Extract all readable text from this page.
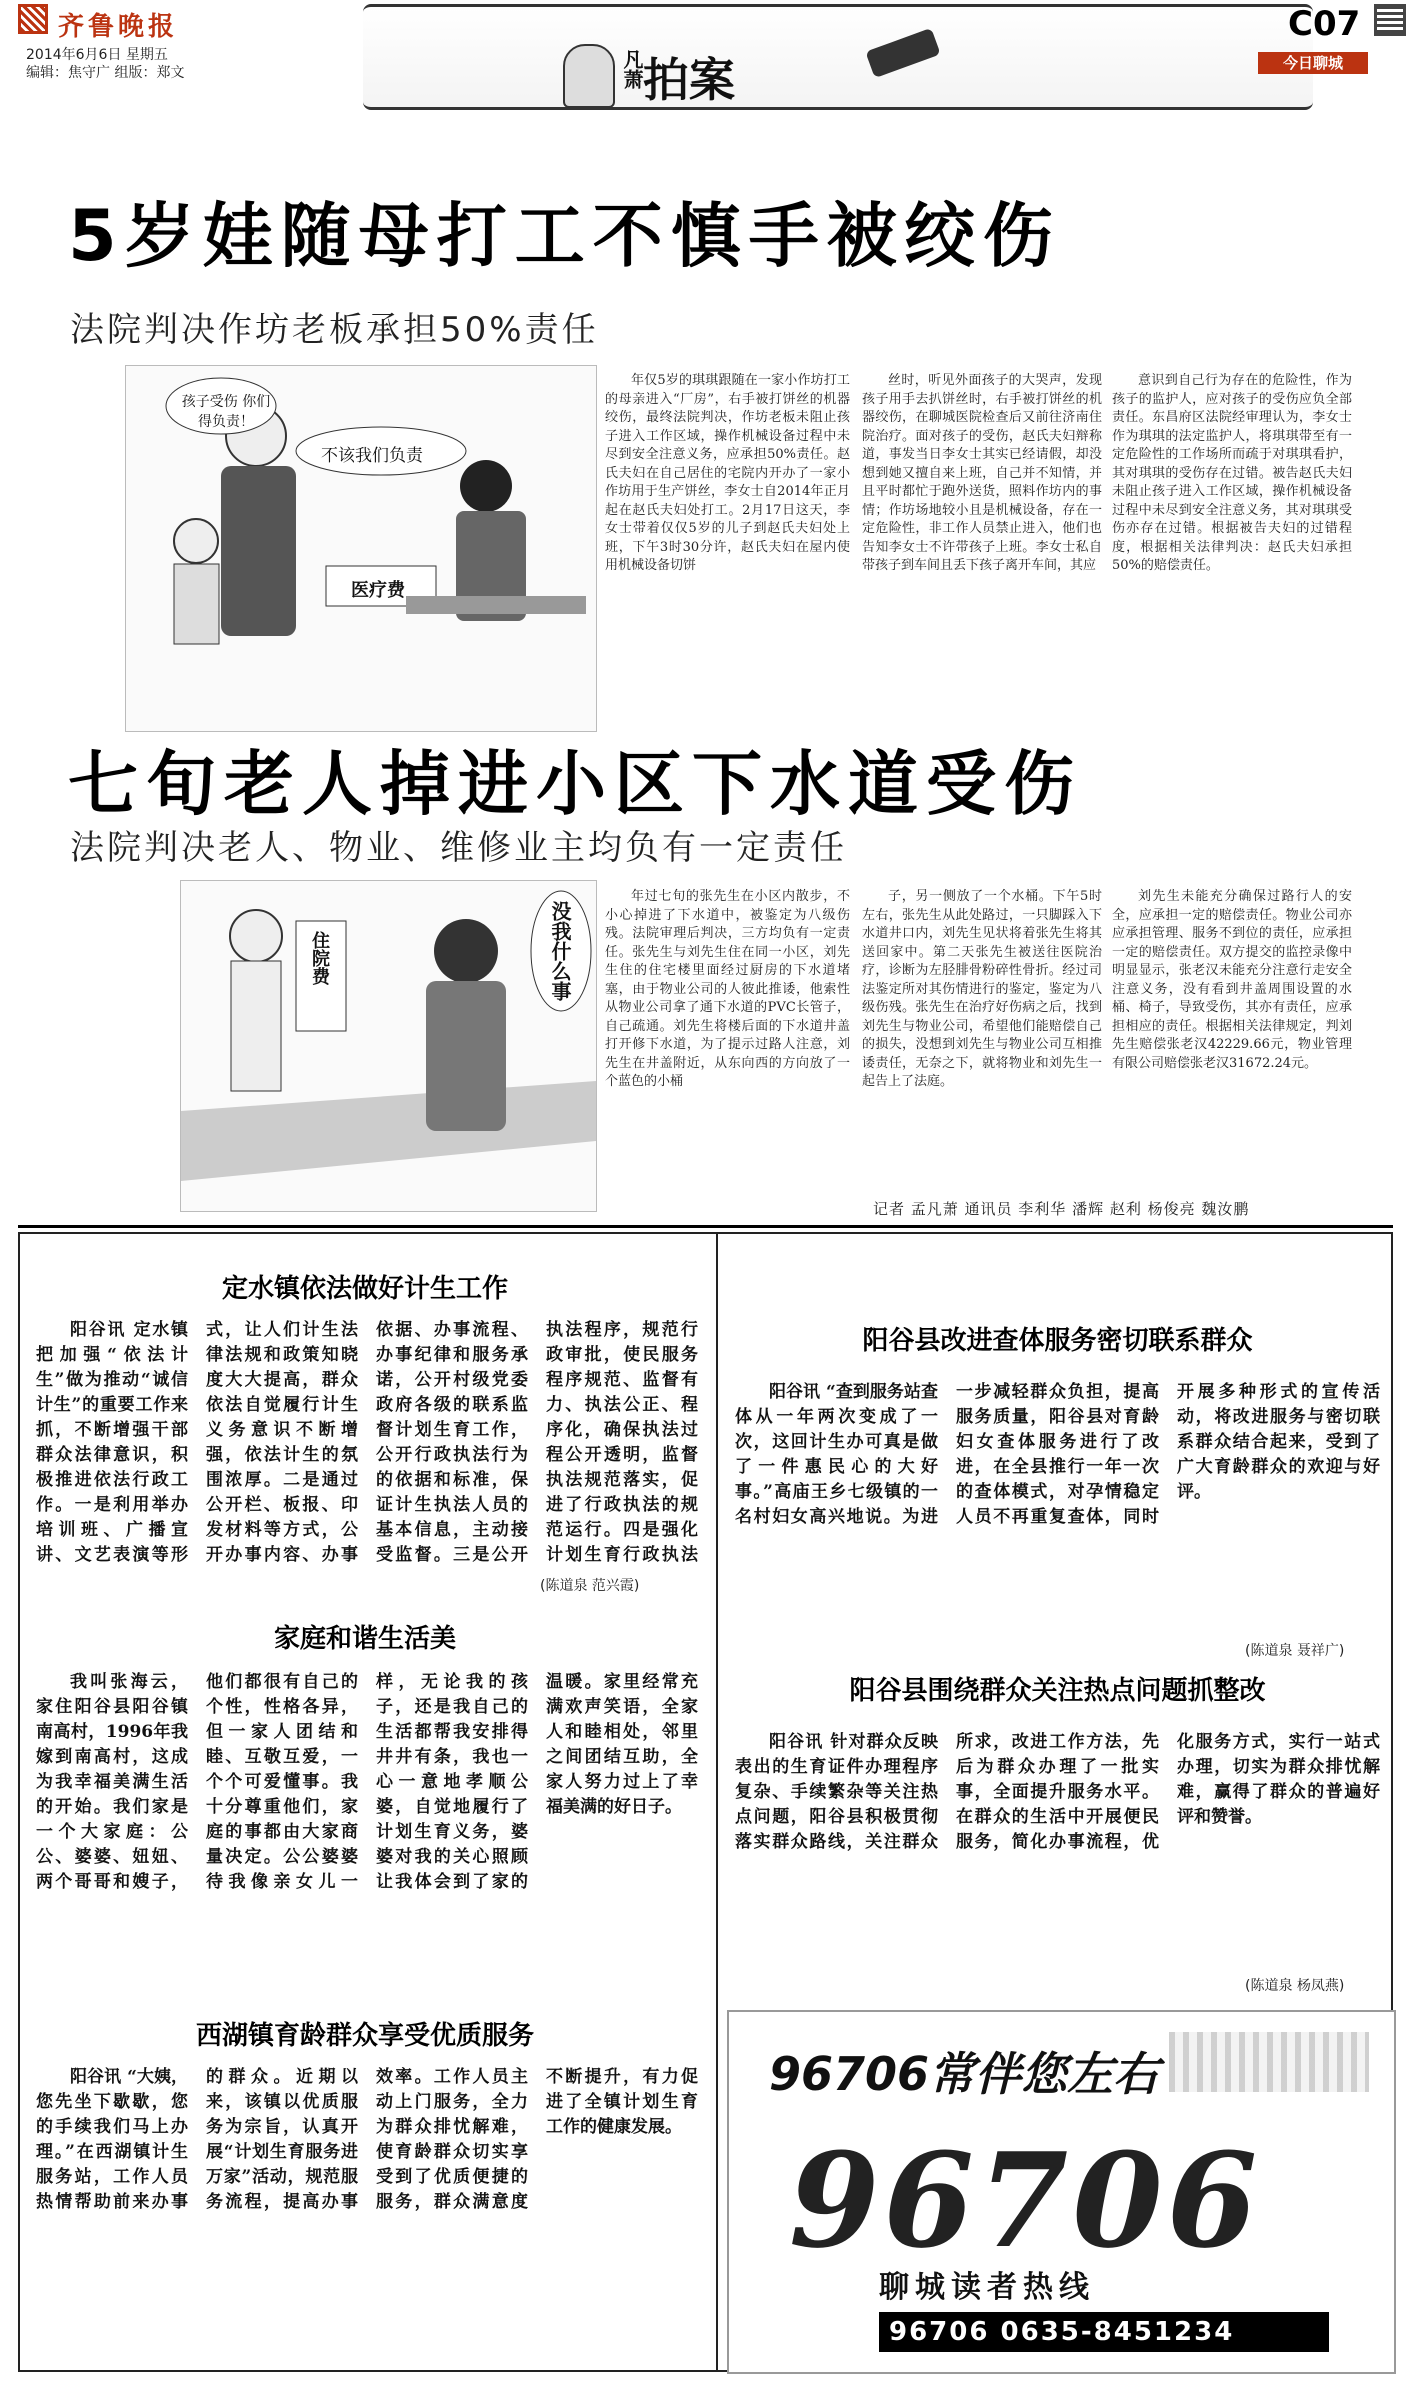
齐鲁晚报
2014年6月6日 星期五
编辑：焦守广 组版：郑文	凡萧 拍案
C07
今日聊城
5岁娃随母打工不慎手被绞伤
法院判决作坊老板承担50%责任
孩子受伤 你们得负责！
不该我们负责
医疗费
年仅5岁的琪琪跟随在一家小作坊打工的母亲进入“厂房”，右手被打饼丝的机器绞伤，最终法院判决，作坊老板未阻止孩子进入工作区域，操作机械设备过程中未尽到安全注意义务，应承担50%责任。赵氏夫妇在自己居住的宅院内开办了一家小作坊用于生产饼丝，李女士自2014年正月起在赵氏夫妇处打工。2月17日这天，李女士带着仅仅5岁的儿子到赵氏夫妇处上班，下午3时30分许，赵氏夫妇在屋内使用机械设备切饼
丝时，听见外面孩子的大哭声，发现孩子用手去扒饼丝时，右手被打饼丝的机器绞伤，在聊城医院检查后又前往济南住院治疗。面对孩子的受伤，赵氏夫妇辩称道，事发当日李女士其实已经请假，却没想到她又擅自来上班，自己并不知情，并且平时都忙于跑外送货，照料作坊内的事情；作坊场地较小且是机械设备，存在一定危险性，非工作人员禁止进入，他们也告知李女士不许带孩子上班。李女士私自带孩子到车间且丢下孩子离开车间，其应
意识到自己行为存在的危险性，作为孩子的监护人，应对孩子的受伤应负全部责任。东昌府区法院经审理认为，李女士作为琪琪的法定监护人，将琪琪带至有一定危险性的工作场所而疏于对琪琪看护，其对琪琪的受伤存在过错。被告赵氏夫妇未阻止孩子进入工作区域，操作机械设备过程中未尽到安全注意义务，其对琪琪受伤亦存在过错。根据被告夫妇的过错程度，根据相关法律判决：赵氏夫妇承担50%的赔偿责任。
七旬老人掉进小区下水道受伤
法院判决老人、物业、维修业主均负有一定责任
住院费	没我什么事
年过七旬的张先生在小区内散步，不小心掉进了下水道中，被鉴定为八级伤残。法院审理后判决，三方均负有一定责任。张先生与刘先生住在同一小区，刘先生住的住宅楼里面经过厨房的下水道堵塞，由于物业公司的人彼此推诿，他索性从物业公司拿了通下水道的PVC长管子，自己疏通。刘先生将楼后面的下水道井盖打开修下水道，为了提示过路人注意，刘先生在井盖附近，从东向西的方向放了一个蓝色的小桶
子，另一侧放了一个水桶。下午5时左右，张先生从此处路过，一只脚踩入下水道井口内，刘先生见状将着张先生将其送回家中。第二天张先生被送往医院治疗，诊断为左胫腓骨粉碎性骨折。经过司法鉴定所对其伤情进行的鉴定，鉴定为八级伤残。张先生在治疗好伤病之后，找到刘先生与物业公司，希望他们能赔偿自己的损失，没想到刘先生与物业公司互相推诿责任，无奈之下，就将物业和刘先生一起告上了法庭。
刘先生未能充分确保过路行人的安全，应承担一定的赔偿责任。物业公司亦应承担管理、服务不到位的责任，应承担一定的赔偿责任。双方提交的监控录像中明显显示，张老汉未能充分注意行走安全注意义务，没有看到井盖周围设置的水桶、椅子，导致受伤，其亦有责任，应承担相应的责任。根据相关法律规定，判刘先生赔偿张老汉42229.66元，物业管理有限公司赔偿张老汉31672.24元。
记者 孟凡萧 通讯员 李利华 潘辉 赵利 杨俊亮 魏汝鹏
定水镇依法做好计生工作
阳谷讯 定水镇把加强“依法计生”做为推动“诚信计生”的重要工作来抓，不断增强干部群众法律意识，积极推进依法行政工作。一是利用举办培训班、广播宣讲、文艺表演等形式，让人们计生法律法规和政策知晓度大大提高，群众依法自觉履行计生义务意识不断增强，依法计生的氛围浓厚。二是通过公开栏、板报、印发材料等方式，公开办事内容、办事依据、办事流程、办事纪律和服务承诺，公开村级党委政府各级的联系监督计划生育工作，公开行政执法行为的依据和标准，保证计生执法人员的基本信息，主动接受监督。三是公开执法程序，规范行政审批，使民服务程序规范、监督有力、执法公正、程序化，确保执法过程公开透明，监督执法规范落实，促进了行政执法的规范运行。四是强化计划生育行政执法
(陈道泉 范兴霞)
家庭和谐生活美
我叫张海云，家住阳谷县阳谷镇南高村，1996年我嫁到南高村，这成为我幸福美满生活的开始。我们家是一个大家庭：公公、婆婆、妞妞、两个哥哥和嫂子，他们都很有自己的个性，性格各异，但一家人团结和睦、互敬互爱，一个个可爱懂事。我十分尊重他们，家庭的事都由大家商量决定。公公婆婆待我像亲女儿一样，无论我的孩子，还是我自己的生活都帮我安排得井井有条，我也一心一意地孝顺公婆，自觉地履行了计划生育义务，婆婆对我的关心照顾让我体会到了家的温暖。家里经常充满欢声笑语，全家人和睦相处，邻里之间团结互助，全家人努力过上了幸福美满的好日子。
西湖镇育龄群众享受优质服务
阳谷讯 “大姨，您先坐下歇歇，您的手续我们马上办理。”在西湖镇计生服务站，工作人员热情帮助前来办事的群众。近期以来，该镇以优质服务为宗旨，认真开展“计划生育服务进万家”活动，规范服务流程，提高办事效率。工作人员主动上门服务，全力为群众排忧解难，使育龄群众切实享受到了优质便捷的服务，群众满意度不断提升，有力促进了全镇计划生育工作的健康发展。
阳谷县改进查体服务密切联系群众
阳谷讯 “查到服务站查体从一年两次变成了一次，这回计生办可真是做了一件惠民心的大好事。”高庙王乡七级镇的一名村妇女高兴地说。为进一步减轻群众负担，提高服务质量，阳谷县对育龄妇女查体服务进行了改进，在全县推行一年一次的查体模式，对孕情稳定人员不再重复查体，同时开展多种形式的宣传活动，将改进服务与密切联系群众结合起来，受到了广大育龄群众的欢迎与好评。
(陈道泉 聂祥广)
阳谷县围绕群众关注热点问题抓整改
阳谷讯 针对群众反映表出的生育证件办理程序复杂、手续繁杂等关注热点问题，阳谷县积极贯彻落实群众路线，关注群众所求，改进工作方法，先后为群众办理了一批实事，全面提升服务水平。在群众的生活中开展便民服务，简化办事流程，优化服务方式，实行一站式办理，切实为群众排忧解难，赢得了群众的普遍好评和赞誉。
(陈道泉 杨凤燕)
96706常伴您左右
96706
聊城读者热线
96706 0635-8451234
